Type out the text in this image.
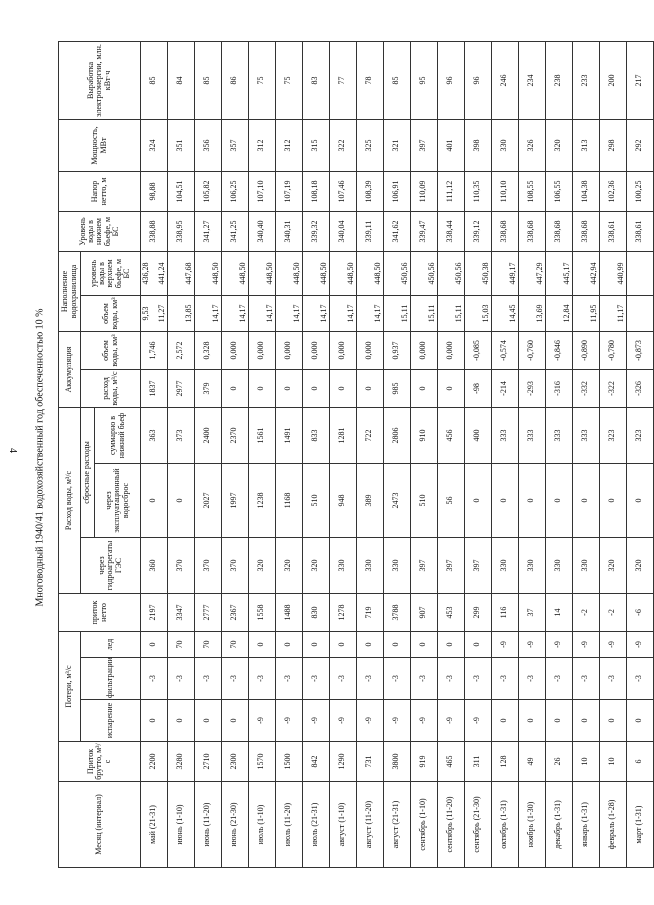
4 Многоводный 1940/41 водохозяйственный год обеспеченностью 10 %
Месяц (интервал)	Приток брутто, м³/с	Потери, м³/с			приток нетто	Расход воды, м³/с			Аккумуляция		Наполнение водохранилища		Уровень воды в нижнем бьефе, м БС	Напор нетто, м	Мощность, МВт	Выработка электроэнергии, млн. кВт·ч
		испарение	фильтрации	лед		через гидроагрегаты ГЭС	сбросные расходы		расход воды, м³/с	объем воды, км³	объем воды, км³	уровень воды в верхнем бьефе, м БС				
							через эксплуатационный водосброс	суммарно в нижний бьеф								

май (21-31)	2200	0	-3	0	2197	360	0	363	1837	1,746	9,53 11,27	436,28 441,24	338,88	98,88	324	85

июнь (1-10)	3280	0	-3	70	3347	370	0	373	2977	2,572	13,85	447,68	338,95	104,51	351	84

июнь (11-20)	2710	0	-3	70	2777	370	2027	2400	379	0,328	14,17	448,50	341,27	105,82	356	85

июнь (21-30)	2300	0	-3	70	2367	370	1997	2370	0	0,000	14,17	448,50	341,25	106,25	357	86

июль (1-10)	1570	-9	-3	0	1558	320	1238	1561	0	0,000	14,17	448,50	340,40	107,10	312	75

июль (11-20)	1500	-9	-3	0	1488	320	1168	1491	0	0,000	14,17	448,50	340,31	107,19	312	75

июль (21-31)	842	-9	-3	0	830	320	510	833	0	0,000	14,17	448,50	339,32	108,18	315	83

август (1-10)	1290	-9	-3	0	1278	330	948	1281	0	0,000	14,17	448,50	340,04	107,46	322	77

август (11-20)	731	-9	-3	0	719	330	389	722	0	0,000	14,17	448,50	339,11	108,39	325	78

август (21-31)	3800	-9	-3	0	3788	330	2473	2806	985	0,937	15,11	450,56	341,62	106,91	321	85

сентябрь (1-10)	919	-9	-3	0	907	397	510	910	0	0,000	15,11	450,56	339,47	110,09	397	95

сентябрь (11-20)	465	-9	-3	0	453	397	56	456	0	0,000	15,11	450,56	338,44	111,12	401	96

сентябрь (21-30)	311	-9	-3	0	299	397	0	400	-98	-0,085	15,03	450,38	339,12	110,35	398	96

октябрь (1-31)	128	0	-3	-9	116	330	0	333	-214	-0,574	14,45	449,17	338,68	110,10	330	246

ноябрь (1-30)	49	0	-3	-9	37	330	0	333	-293	-0,760	13,69	447,29	338,68	108,55	326	234

декабрь (1-31)	26	0	-3	-9	14	330	0	333	-316	-0,846	12,84	445,17	338,68	106,55	320	238

январь (1-31)	10	0	-3	-9	-2	330	0	333	-332	-0,890	11,95	442,94	338,68	104,38	313	233

февраль (1-28)	10	0	-3	-9	-2	320	0	323	-322	-0,780	11,17	440,99	338,61	102,36	298	200

март (1-31)	6	0	-3	-9	-6	320	0	323	-326	-0,873			338,61	100,25	292	217
